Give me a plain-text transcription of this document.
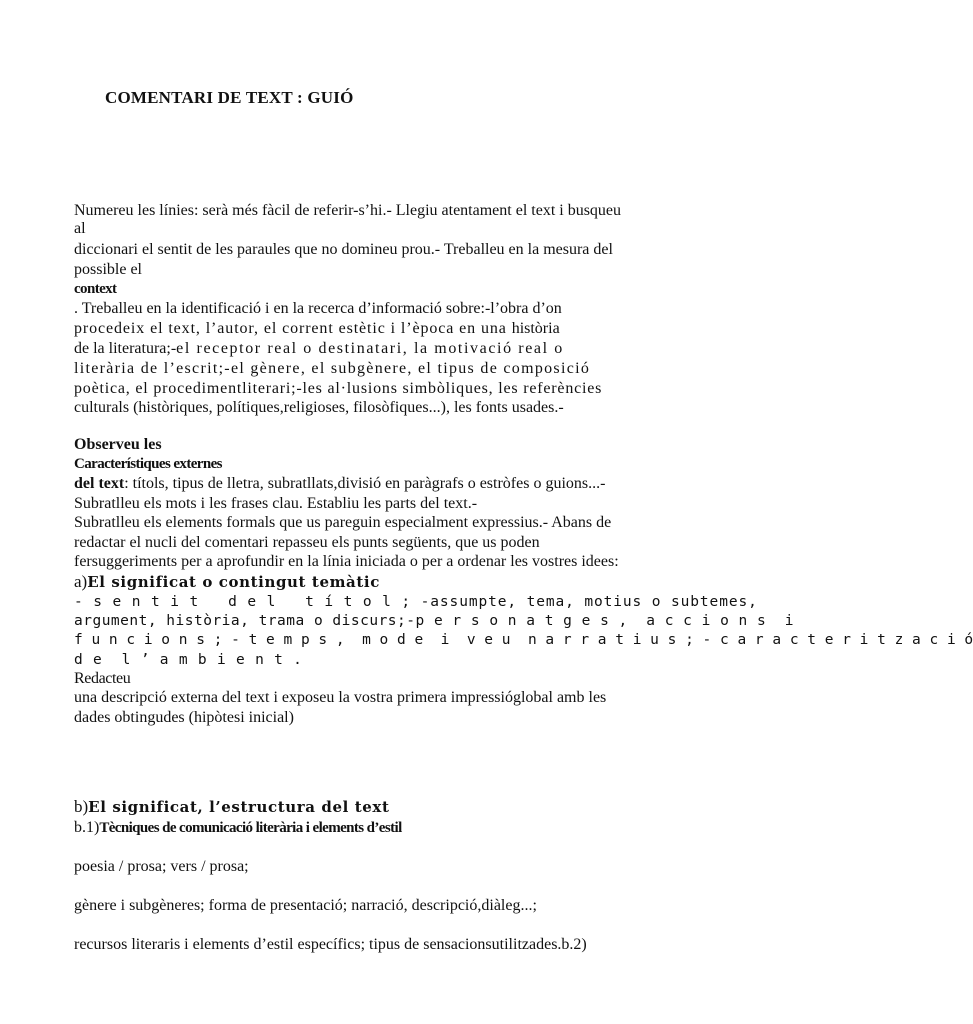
COMENTARI DE TEXT : GUIÓ
Numereu les línies: serà més fàcil de referir-s’hi.- Llegiu atentament el text i busqueu
al
diccionari el sentit de les paraules que no domineu prou.- Treballeu en la mesura del
possible el
context
. Treballeu en la identificació i en la recerca d’informació sobre:-l’obra d’on
procedeix el text, l’autor, el corrent estètic i l’època en una història
de la literatura;-el receptor real o destinatari, la motivació real o
literària de l’escrit;-el gènere, el subgènere, el tipus de composició
poètica, el procedimentliterari;-les al·lusions simbòliques, les referències
culturals (històriques, polítiques,religioses, filosòfiques...), les fonts usades.-
Observeu les
Característiques externes
del text: títols, tipus de lletra, subratllats,divisió en paràgrafs o estròfes o guions...-
Subratlleu els mots i les frases clau. Establiu les parts del text.-
Subratlleu els elements formals que us pareguin especialment expressius.- Abans de
redactar el nucli del comentari repasseu els punts següents, que us poden
fersuggeriments per a aprofundir en la línia iniciada o per a ordenar les vostres idees:
a)El significat o contingut temàtic
- s e n t i t   d e l   t í t o l ; -assumpte, tema, motius o subtemes,
argument, història, trama o discurs;-p e r s o n a t g e s ,  a c c i o n s  i
f u n c i o n s ; - t e m p s ,  m o d e  i  v e u  n a r r a t i u s ; - c a r a c t e r i t z a c i ó
d e  l ’ a m b i e n t .
Redacteu
una descripció externa del text i exposeu la vostra primera impressióglobal amb les
dades obtingudes (hipòtesi inicial)
b)El significat, l’estructura del text
b.1)Tècniques de comunicació literària i elements d’estil
poesia / prosa; vers / prosa;
gènere i subgèneres; forma de presentació; narració, descripció,diàleg...;
recursos literaris i elements d’estil específics; tipus de sensacionsutilitzades.b.2)
